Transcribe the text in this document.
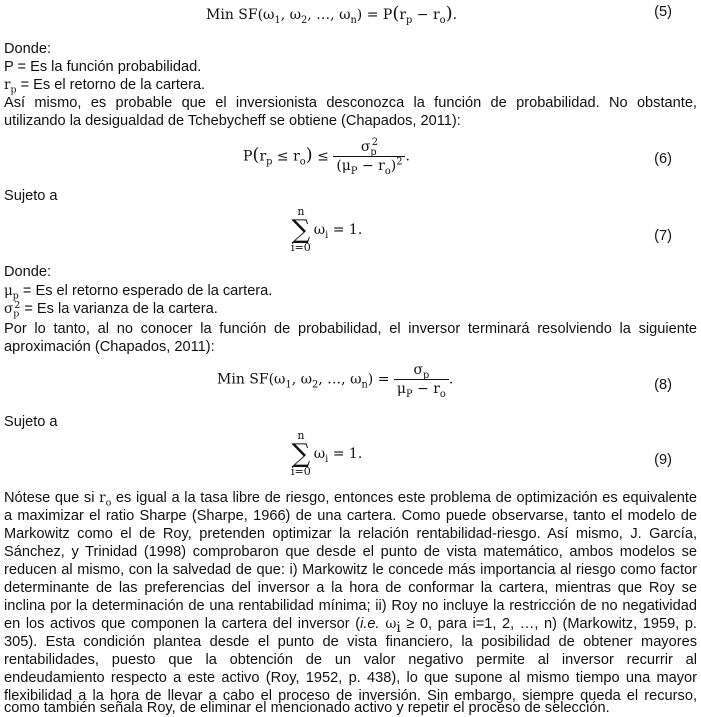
Min $SF(\omega_1$, $\omega_2$, …, $\omega_n) = P(r_p - r_o)$.	(5)
Donde:
P = Es la función probabilidad.
$r_p = Es$ el retorno de la cartera.
Así mismo, es probable que el inversionista desconozca la función de probabilidad. No obstante,
utilizando la desigualdad de Tchebycheff se obtiene (Chapados, 2011):
$P(r_p \le r_o) \le \frac{\sigma_p^2}{(\mu_P - r_o)^2}$ .	(6)
Sujeto a
n
∑
$i=0\omega_i = 1$.	(7)
Donde:
$\mu_p = Es$ el retorno esperado de la cartera.
$\sigma_p^2 = Es$ la varianza de la cartera.
Por lo tanto, al no conocer la función de probabilidad, el inversor terminará resolviendo la siguiente
aproximación (Chapados, 2011):
Min $SF(\omega_1$, $\omega_2$, …, $\omega_n) = \frac{\sigma_p}{\mu_P - r_o}$ .	(8)
Sujeto a
n
∑
$i=0\omega_i = 1$.	(9)
Nótese que si $r_o$ es igual a la tasa libre de riesgo, entonces este problema de optimización es equivalente
a maximizar el ratio Sharpe (Sharpe, 1966) de una cartera. Como puede observarse, tanto el modelo de
Markowitz como el de Roy, pretenden optimizar la relación rentabilidad-riesgo. Así mismo, J. García,
Sánchez, y Trinidad (1998) comprobaron que desde el punto de vista matemático, ambos modelos se
reducen al mismo, con la salvedad de que: i) Markowitz le concede más importancia al riesgo como factor
determinante de las preferencias del inversor a la hora de conformar la cartera, mientras que Roy se
inclina por la determinación de una rentabilidad mínima; ii) Roy no incluye la restricción de no negatividad
en los activos que componen la cartera del inversor (i.e. $\omega_i \ge 0$, para i=1, 2, …, n) (Markowitz, 1959, p.
305). Esta condición plantea desde el punto de vista financiero, la posibilidad de obtener mayores
rentabilidades, puesto que la obtención de un valor negativo permite al inversor recurrir al
endeudamiento respecto a este activo (Roy, 1952, p. 438), lo que supone al mismo tiempo una mayor
flexibilidad a la hora de llevar a cabo el proceso de inversión. Sin embargo, siempre queda el recurso,
como también señala Roy, de eliminar el mencionado activo y repetir el proceso de selección.
